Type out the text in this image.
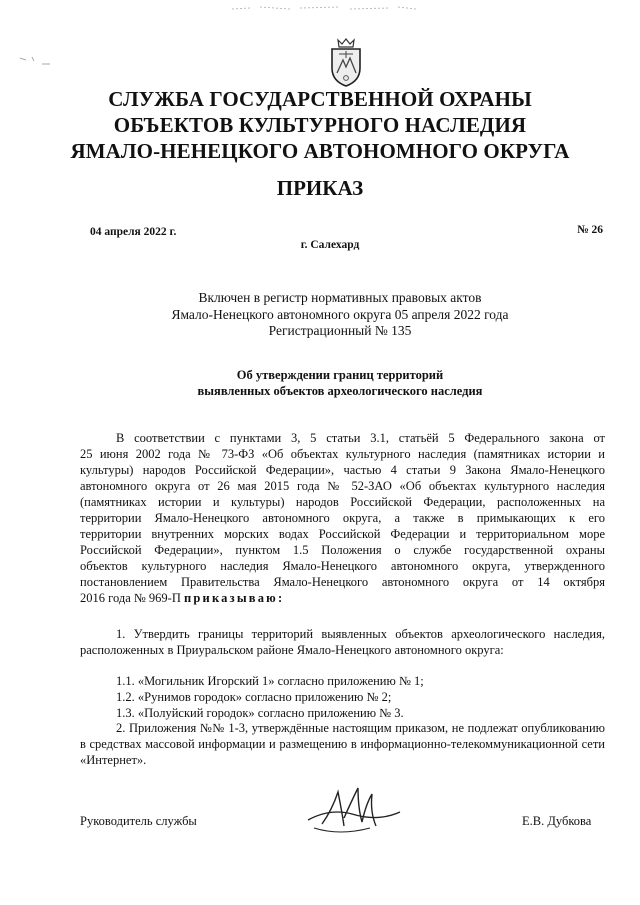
СЛУЖБА ГОСУДАРСТВЕННОЙ ОХРАНЫ
ОБЪЕКТОВ КУЛЬТУРНОГО НАСЛЕДИЯ
ЯМАЛО-НЕНЕЦКОГО АВТОНОМНОГО ОКРУГА
ПРИКАЗ
04 апреля 2022 г.	№ 26
г. Салехард
Включен в регистр нормативных правовых актов
Ямало-Ненецкого автономного округа 05 апреля 2022 года
Регистрационный № 135
Об утверждении границ территорий
выявленных объектов археологического наследия
В соответствии с пунктами 3, 5 статьи 3.1, статьёй 5 Федерального закона от
25 июня 2002 года № 73-ФЗ «Об объектах культурного наследия (памятниках истории и
культуры) народов Российской Федерации», частью 4 статьи 9 Закона Ямало-Ненецкого
автономного округа от 26 мая 2015 года № 52-ЗАО «Об объектах культурного наследия
(памятниках истории и культуры) народов Российской Федерации, расположенных на
территории Ямало-Ненецкого автономного округа, а также в примыкающих к его
территории внутренних морских водах Российской Федерации и территориальном море
Российской Федерации», пунктом 1.5 Положения о службе государственной охраны
объектов культурного наследия Ямало-Ненецкого автономного округа, утвержденного
постановлением Правительства Ямало-Ненецкого автономного округа от 14 октября
2016 года № 969-П приказываю:
1. Утвердить границы территорий выявленных объектов археологического наследия, расположенных в Приуральском районе Ямало-Ненецкого автономного округа:
1.1. «Могильник Игорский 1» согласно приложению № 1;
1.2. «Рунимов городок» согласно приложению № 2;
1.3. «Полуйский городок» согласно приложению № 3.
2. Приложения №№ 1-3, утверждённые настоящим приказом, не подлежат опубликованию в средствах массовой информации и размещению в информационно-телекоммуникационной сети «Интернет».
Руководитель службы	Е.В. Дубкова
